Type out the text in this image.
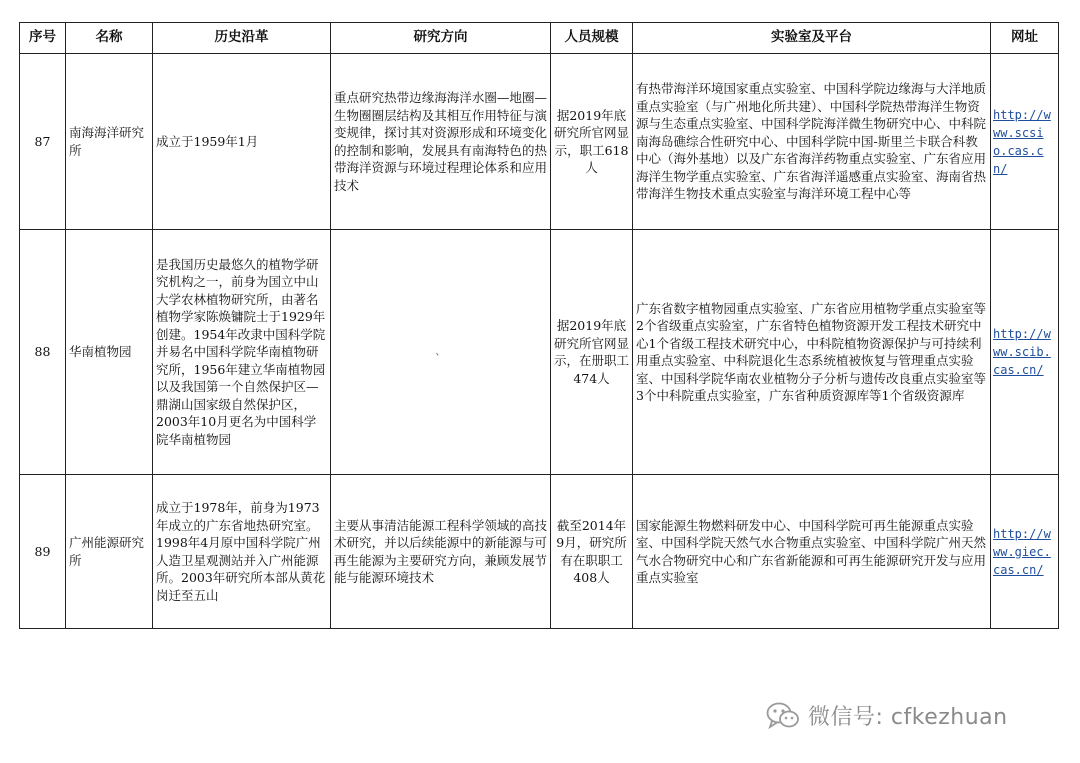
序号	名称	历史沿革	研究方向	人员规模	实验室及平台	网址
87	南海海洋研究所	成立于1959年1月	重点研究热带边缘海海洋水圈—地圈—生物圈圈层结构及其相互作用特征与演变规律，探讨其对资源形成和环境变化的控制和影响，发展具有南海特色的热带海洋资源与环境过程理论体系和应用技术	据2019年底研究所官网显示，职工618人	有热带海洋环境国家重点实验室、中国科学院边缘海与大洋地质重点实验室（与广州地化所共建）、中国科学院热带海洋生物资源与生态重点实验室、中国科学院海洋微生物研究中心、中科院南海岛礁综合性研究中心、中国科学院中国-斯里兰卡联合科教中心（海外基地）以及广东省海洋药物重点实验室、广东省应用海洋生物学重点实验室、广东省海洋遥感重点实验室、海南省热带海洋生物技术重点实验室与海洋环境工程中心等	http://www.scsio.cas.cn/
88	华南植物园	是我国历史最悠久的植物学研究机构之一，前身为国立中山大学农林植物研究所，由著名植物学家陈焕镛院士于1929年创建。1954年改隶中国科学院并易名中国科学院华南植物研究所，1956年建立华南植物园以及我国第一个自然保护区—鼎湖山国家级自然保护区，2003年10月更名为中国科学院华南植物园	、	据2019年底研究所官网显示，在册职工474人	广东省数字植物园重点实验室、广东省应用植物学重点实验室等2个省级重点实验室，广东省特色植物资源开发工程技术研究中心1个省级工程技术研究中心，中科院植物资源保护与可持续利用重点实验室、中科院退化生态系统植被恢复与管理重点实验室、中国科学院华南农业植物分子分析与遗传改良重点实验室等3个中科院重点实验室，广东省种质资源库等1个省级资源库	http://www.scib.cas.cn/
89	广州能源研究所	成立于1978年，前身为1973年成立的广东省地热研究室。1998年4月原中国科学院广州人造卫星观测站并入广州能源所。2003年研究所本部从黄花岗迁至五山	主要从事清洁能源工程科学领域的高技术研究，并以后续能源中的新能源与可再生能源为主要研究方向，兼顾发展节能与能源环境技术	截至2014年9月，研究所有在职职工408人	国家能源生物燃料研发中心、中国科学院可再生能源重点实验室、中国科学院天然气水合物重点实验室、中国科学院广州天然气水合物研究中心和广东省新能源和可再生能源研究开发与应用重点实验室	http://www.giec.cas.cn/
微信号: cfkezhuan
